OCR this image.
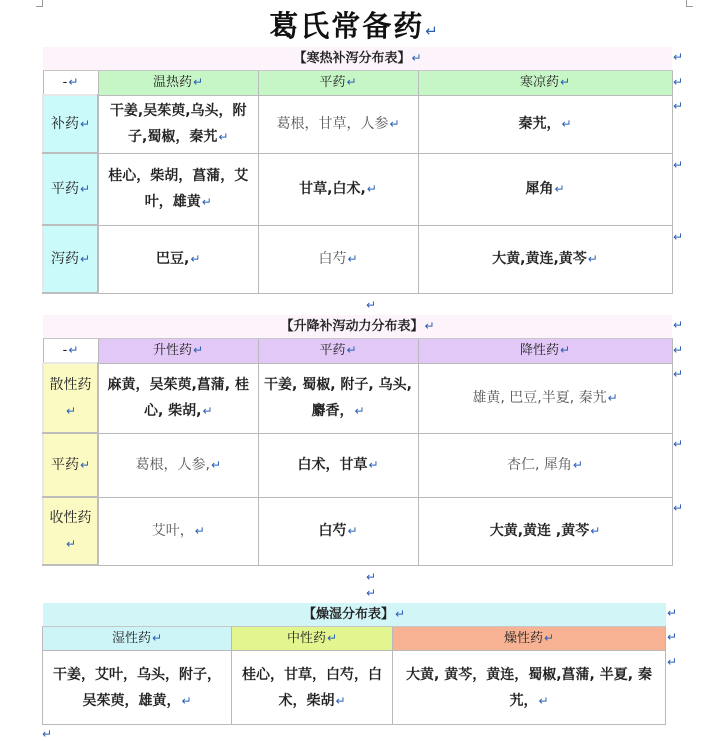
葛氏常备药↵
【寒热补泻分布表】↵			
-↵	温热药↵	平药↵	寒凉药↵
补药↵	干姜,吴茱萸,乌头，附子,蜀椒，秦艽↵	葛根，甘草，人参↵	秦艽，↵
平药↵	桂心，柴胡，菖蒲，艾叶，雄黄↵	甘草,白术,↵	犀角↵
泻药↵	巴豆,↵	白芍↵	大黄,黄连,黄芩↵
↵
【升降补泻动力分布表】↵			
-↵	升性药↵	平药↵	降性药↵
散性药↵	麻黄，吴茱萸,菖蒲, 桂心, 柴胡,↵	干姜, 蜀椒, 附子, 乌头, 麝香，↵	雄黄, 巴豆,半夏, 秦艽↵
平药↵	葛根，人参,↵	白术，甘草↵	杏仁, 犀角↵
收性药↵	艾叶，↵	白芍↵	大黄,黄连 ,黄芩↵
↵
↵
【燥湿分布表】↵		
湿性药↵	中性药↵	燥性药↵
干姜，艾叶，乌头，附子，吴茱萸，雄黄，↵	桂心，甘草，白芍，白术，柴胡↵	大黄, 黄芩，黄连，蜀椒,菖蒲, 半夏, 秦艽，↵
↵
↵
↵
↵
↵
↵
↵
↵
↵
↵
↵
↵
↵
↵
